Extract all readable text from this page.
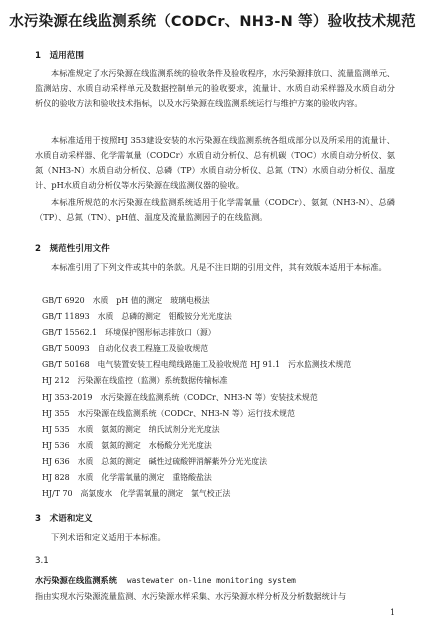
水污染源在线监测系统（CODCr、NH3-N 等）验收技术规范
1　适用范围

本标准规定了水污染源在线监测系统的验收条件及验收程序，水污染源排放口、流量监测单元、监测站房、水质自动采样单元及数据控制单元的验收要求，流量计、水质自动采样器及水质自动分析仪的验收方法和验收技术指标，以及水污染源在线监测系统运行与维护方案的验收内容。

本标准适用于按照HJ 353建设安装的水污染源在线监测系统各组成部分以及所采用的流量计、水质自动采样器、化学需氧量（CODCr）水质自动分析仪、总有机碳（TOC）水质自动分析仪、氨氮（NH3-N）水质自动分析仪、总磷（TP）水质自动分析仪、总氮（TN）水质自动分析仪、温度计、pH水质自动分析仪等水污染源在线监测仪器的验收。

本标准所规范的水污染源在线监测系统适用于化学需氧量（CODCr）、氨氮（NH3-N）、总磷（TP）、总氮（TN）、pH值、温度及流量监测因子的在线监测。

2　规范性引用文件

本标准引用了下列文件或其中的条款。凡是不注日期的引用文件，其有效版本适用于本标准。

GB/T 6920 水质　pH 值的测定　玻璃电极法
GB/T 11893 水质　总磷的测定　钼酸铵分光光度法
GB/T 15562.1 环境保护图形标志排放口（源）
GB/T 50093 自动化仪表工程施工及验收规范
GB/T 50168 电气装置安装工程电缆线路施工及验收规范 HJ 91.1　污水监测技术规范
HJ 212 污染源在线监控（监测）系统数据传输标准
HJ 353-2019 水污染源在线监测系统（CODCr、NH3-N 等）安装技术规范
HJ 355 水污染源在线监测系统（CODCr、NH3-N 等）运行技术规范
HJ 535 水质　氨氮的测定　纳氏试剂分光光度法
HJ 536 水质　氨氮的测定　水杨酸分光光度法
HJ 636 水质　总氮的测定　碱性过硫酸钾消解紫外分光光度法
HJ 828 水质　化学需氧量的测定　重铬酸盐法
HJ/T 70 高氯废水　化学需氧量的测定　氯气校正法
3　术语和定义

下列术语和定义适用于本标准。

3.1
水污染源在线监测系统 wastewater on-line monitoring system
指由实现水污染源流量监测、水污染源水样采集、水污染源水样分析及分析数据统计与
1
